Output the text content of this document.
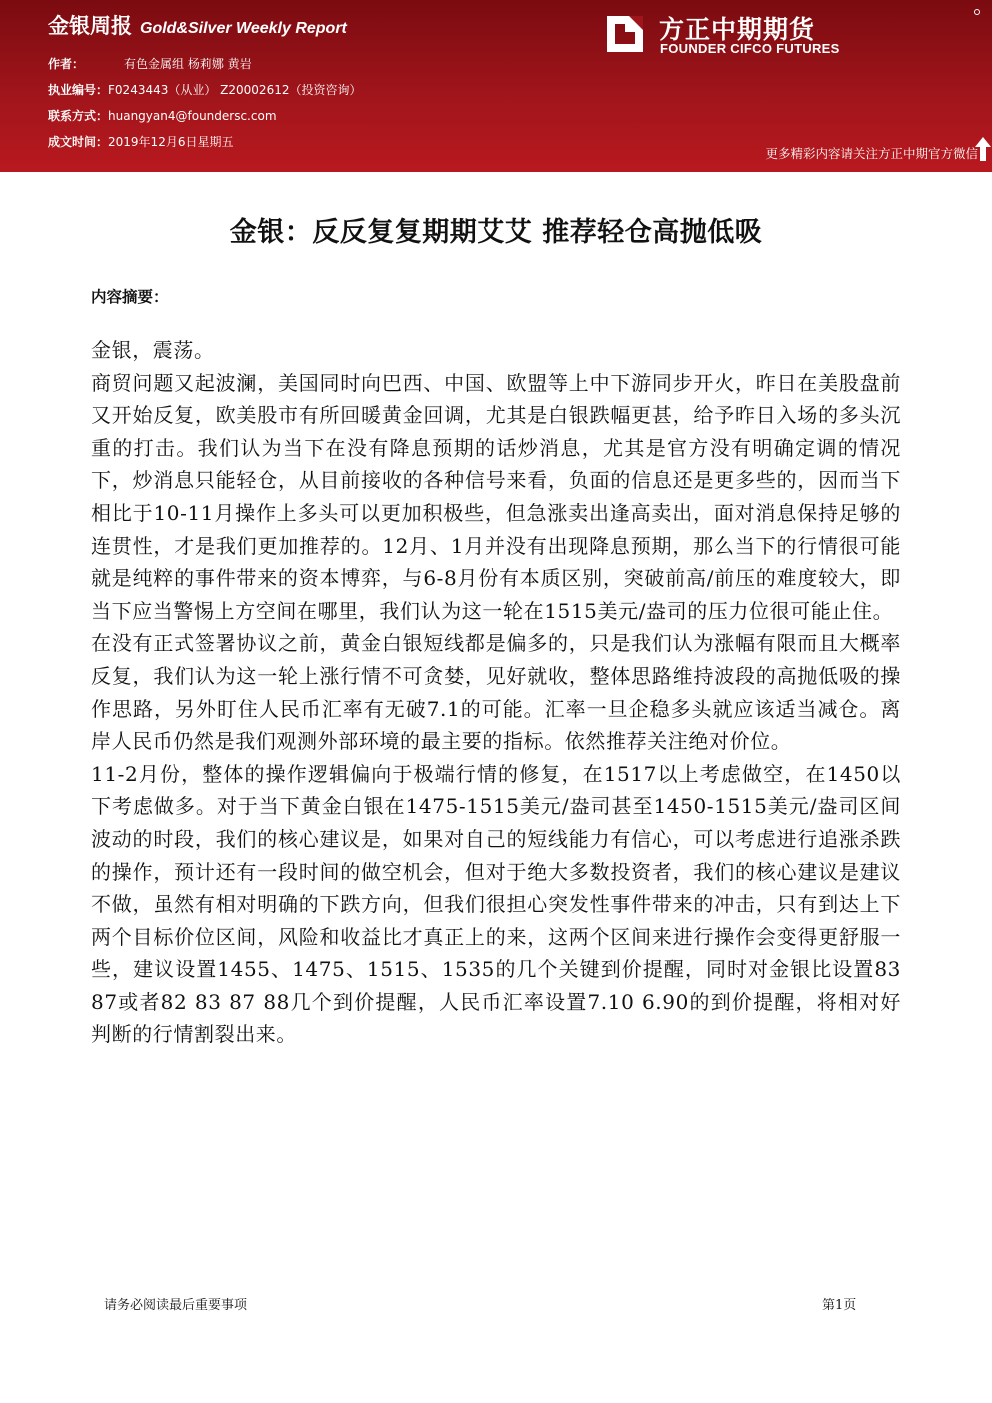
金银周报 Gold&Silver Weekly Report
作者：	有色金属组 杨莉娜 黄岩
执业编号：F0243443（从业） Z20002612（投资咨询）
联系方式：huangyan4@foundersc.com
成文时间：2019年12月6日星期五
方正中期期货
FOUNDER CIFCO FUTURES
更多精彩内容请关注方正中期官方微信
金银：反反复复期期艾艾 推荐轻仓高抛低吸
内容摘要：

金银，震荡。

商贸问题又起波澜，美国同时向巴西、中国、欧盟等上中下游同步开火，昨日在美股盘前又开始反复，欧美股市有所回暖黄金回调，尤其是白银跌幅更甚，给予昨日入场的多头沉重的打击。我们认为当下在没有降息预期的话炒消息，尤其是官方没有明确定调的情况下，炒消息只能轻仓，从目前接收的各种信号来看，负面的信息还是更多些的，因而当下相比于10-11月操作上多头可以更加积极些，但急涨卖出逢高卖出，面对消息保持足够的连贯性，才是我们更加推荐的。12月、1月并没有出现降息预期，那么当下的行情很可能就是纯粹的事件带来的资本博弈，与6-8月份有本质区别，突破前高/前压的难度较大，即当下应当警惕上方空间在哪里，我们认为这一轮在1515美元/盎司的压力位很可能止住。

在没有正式签署协议之前，黄金白银短线都是偏多的，只是我们认为涨幅有限而且大概率反复，我们认为这一轮上涨行情不可贪婪，见好就收，整体思路维持波段的高抛低吸的操作思路，另外盯住人民币汇率有无破7.1的可能。汇率一旦企稳多头就应该适当减仓。离岸人民币仍然是我们观测外部环境的最主要的指标。依然推荐关注绝对价位。

11-2月份，整体的操作逻辑偏向于极端行情的修复，在1517以上考虑做空，在1450以下考虑做多。对于当下黄金白银在1475-1515美元/盎司甚至1450-1515美元/盎司区间波动的时段，我们的核心建议是，如果对自己的短线能力有信心，可以考虑进行追涨杀跌的操作，预计还有一段时间的做空机会，但对于绝大多数投资者，我们的核心建议是建议不做，虽然有相对明确的下跌方向，但我们很担心突发性事件带来的冲击，只有到达上下两个目标价位区间，风险和收益比才真正上的来，这两个区间来进行操作会变得更舒服一些，建议设置1455、1475、1515、1535的几个关键到价提醒，同时对金银比设置83 87或者82 83 87 88几个到价提醒，人民币汇率设置7.10 6.90的到价提醒，将相对好判断的行情割裂出来。

请务必阅读最后重要事项	第1页
